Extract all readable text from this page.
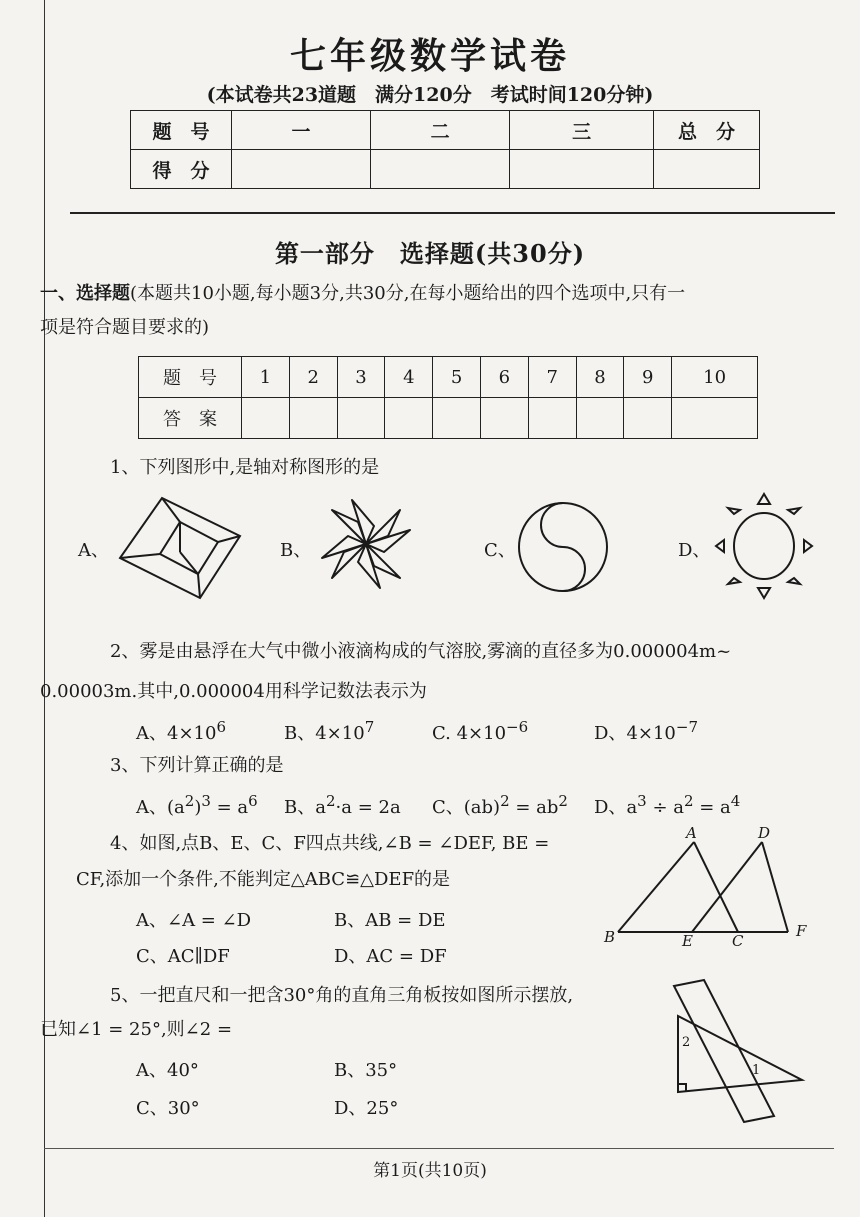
七年级数学试卷
(本试卷共23道题　满分120分　考试时间120分钟)
题　号	一	二	三	总　分
得　分				
第一部分　选择题(共30分)
一、选择题(本题共10小题,每小题3分,共30分,在每小题给出的四个选项中,只有一
项是符合题目要求的)
题　号	1	2	3	4	5	6	7	8	9	10
答　案										
1、下列图形中,是轴对称图形的是
A、	B、	C、	D、
2、雾是由悬浮在大气中微小液滴构成的气溶胶,雾滴的直径多为0.000004m~
0.00003m.其中,0.000004用科学记数法表示为
A、$4\times 10^6$	B、$4\times 10^7$	C. $4\times 10^{-6}$	D、$4\times 10^{-7}$
3、下列计算正确的是
A、$(a^2)^3 = a^6$ B、$a^2\cdot a = 2a$ C、$(ab)^2 = ab^2$ D、$a^3 \div a^2 = a^4$
4、如图,点B、E、C、F四点共线,∠B = ∠DEF, BE =
CF,添加一个条件,不能判定△ABC≌△DEF的是
A、∠A = ∠D	B、AB = DE
C、AC∥DF	D、AC = DF
A	D
B	E	C
F
5、一把直尺和一把含30°角的直角三角板按如图所示摆放,
已知∠1 = 25°,则∠2 =
A、40°	B、35°
C、30°	D、25°
2
1
第1页(共10页)
